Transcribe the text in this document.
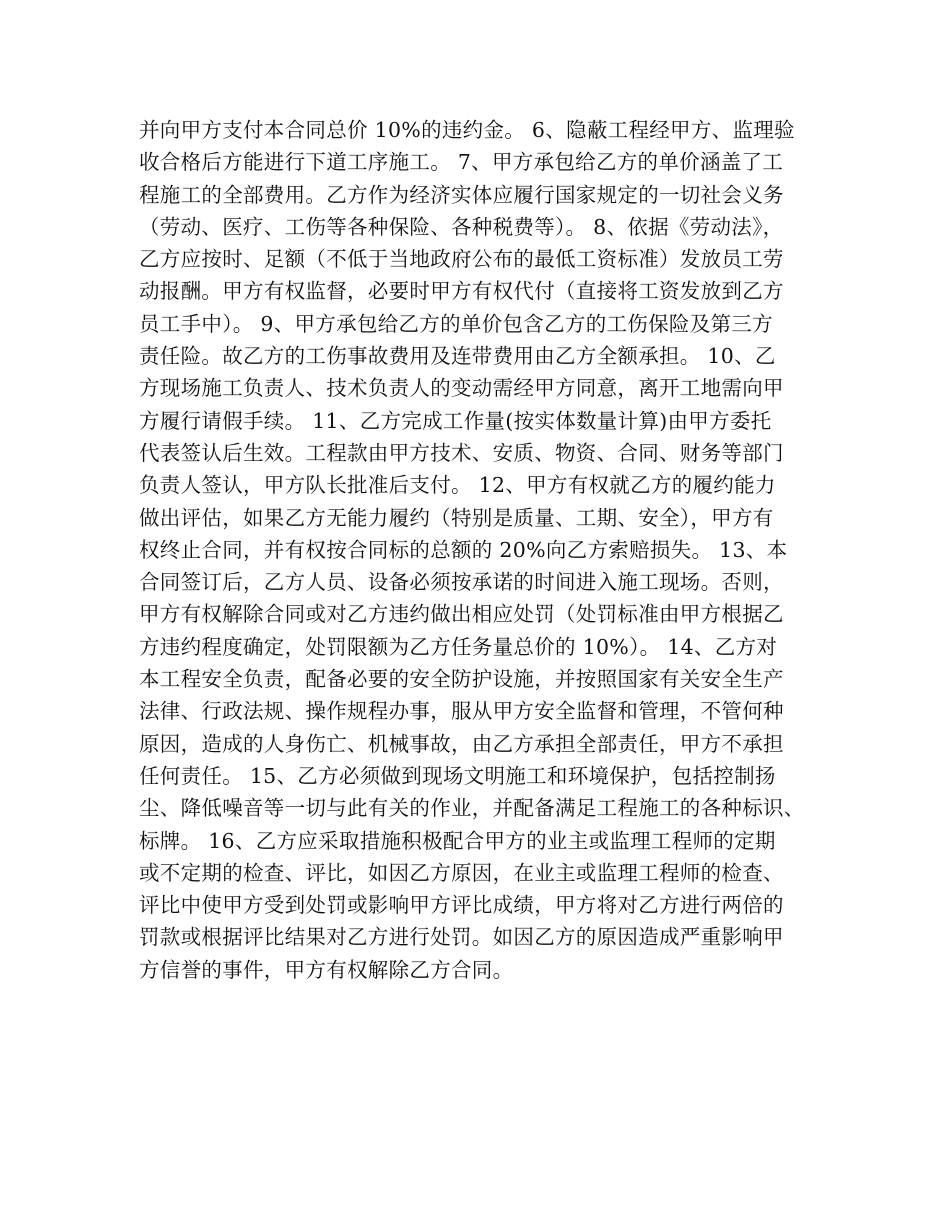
并向甲方支付本合同总价 10%的违约金。 6、隐蔽工程经甲方、监理验
收合格后方能进行下道工序施工。 7、甲方承包给乙方的单价涵盖了工
程施工的全部费用。乙方作为经济实体应履行国家规定的一切社会义务
（劳动、医疗、工伤等各种保险、各种税费等）。 8、依据《劳动法》，
乙方应按时、足额（不低于当地政府公布的最低工资标准）发放员工劳
动报酬。甲方有权监督，必要时甲方有权代付（直接将工资发放到乙方
员工手中）。 9、甲方承包给乙方的单价包含乙方的工伤保险及第三方
责任险。故乙方的工伤事故费用及连带费用由乙方全额承担。 10、乙
方现场施工负责人、技术负责人的变动需经甲方同意，离开工地需向甲
方履行请假手续。 11、乙方完成工作量(按实体数量计算)由甲方委托
代表签认后生效。工程款由甲方技术、安质、物资、合同、财务等部门
负责人签认，甲方队长批准后支付。 12、甲方有权就乙方的履约能力
做出评估，如果乙方无能力履约（特别是质量、工期、安全），甲方有
权终止合同，并有权按合同标的总额的 20%向乙方索赔损失。 13、本
合同签订后，乙方人员、设备必须按承诺的时间进入施工现场。否则，
甲方有权解除合同或对乙方违约做出相应处罚（处罚标准由甲方根据乙
方违约程度确定，处罚限额为乙方任务量总价的 10%）。 14、乙方对
本工程安全负责，配备必要的安全防护设施，并按照国家有关安全生产
法律、行政法规、操作规程办事，服从甲方安全监督和管理，不管何种
原因，造成的人身伤亡、机械事故，由乙方承担全部责任，甲方不承担
任何责任。 15、乙方必须做到现场文明施工和环境保护，包括控制扬
尘、降低噪音等一切与此有关的作业，并配备满足工程施工的各种标识、
标牌。 16、乙方应采取措施积极配合甲方的业主或监理工程师的定期
或不定期的检查、评比，如因乙方原因，在业主或监理工程师的检查、
评比中使甲方受到处罚或影响甲方评比成绩，甲方将对乙方进行两倍的
罚款或根据评比结果对乙方进行处罚。如因乙方的原因造成严重影响甲
方信誉的事件，甲方有权解除乙方合同。
